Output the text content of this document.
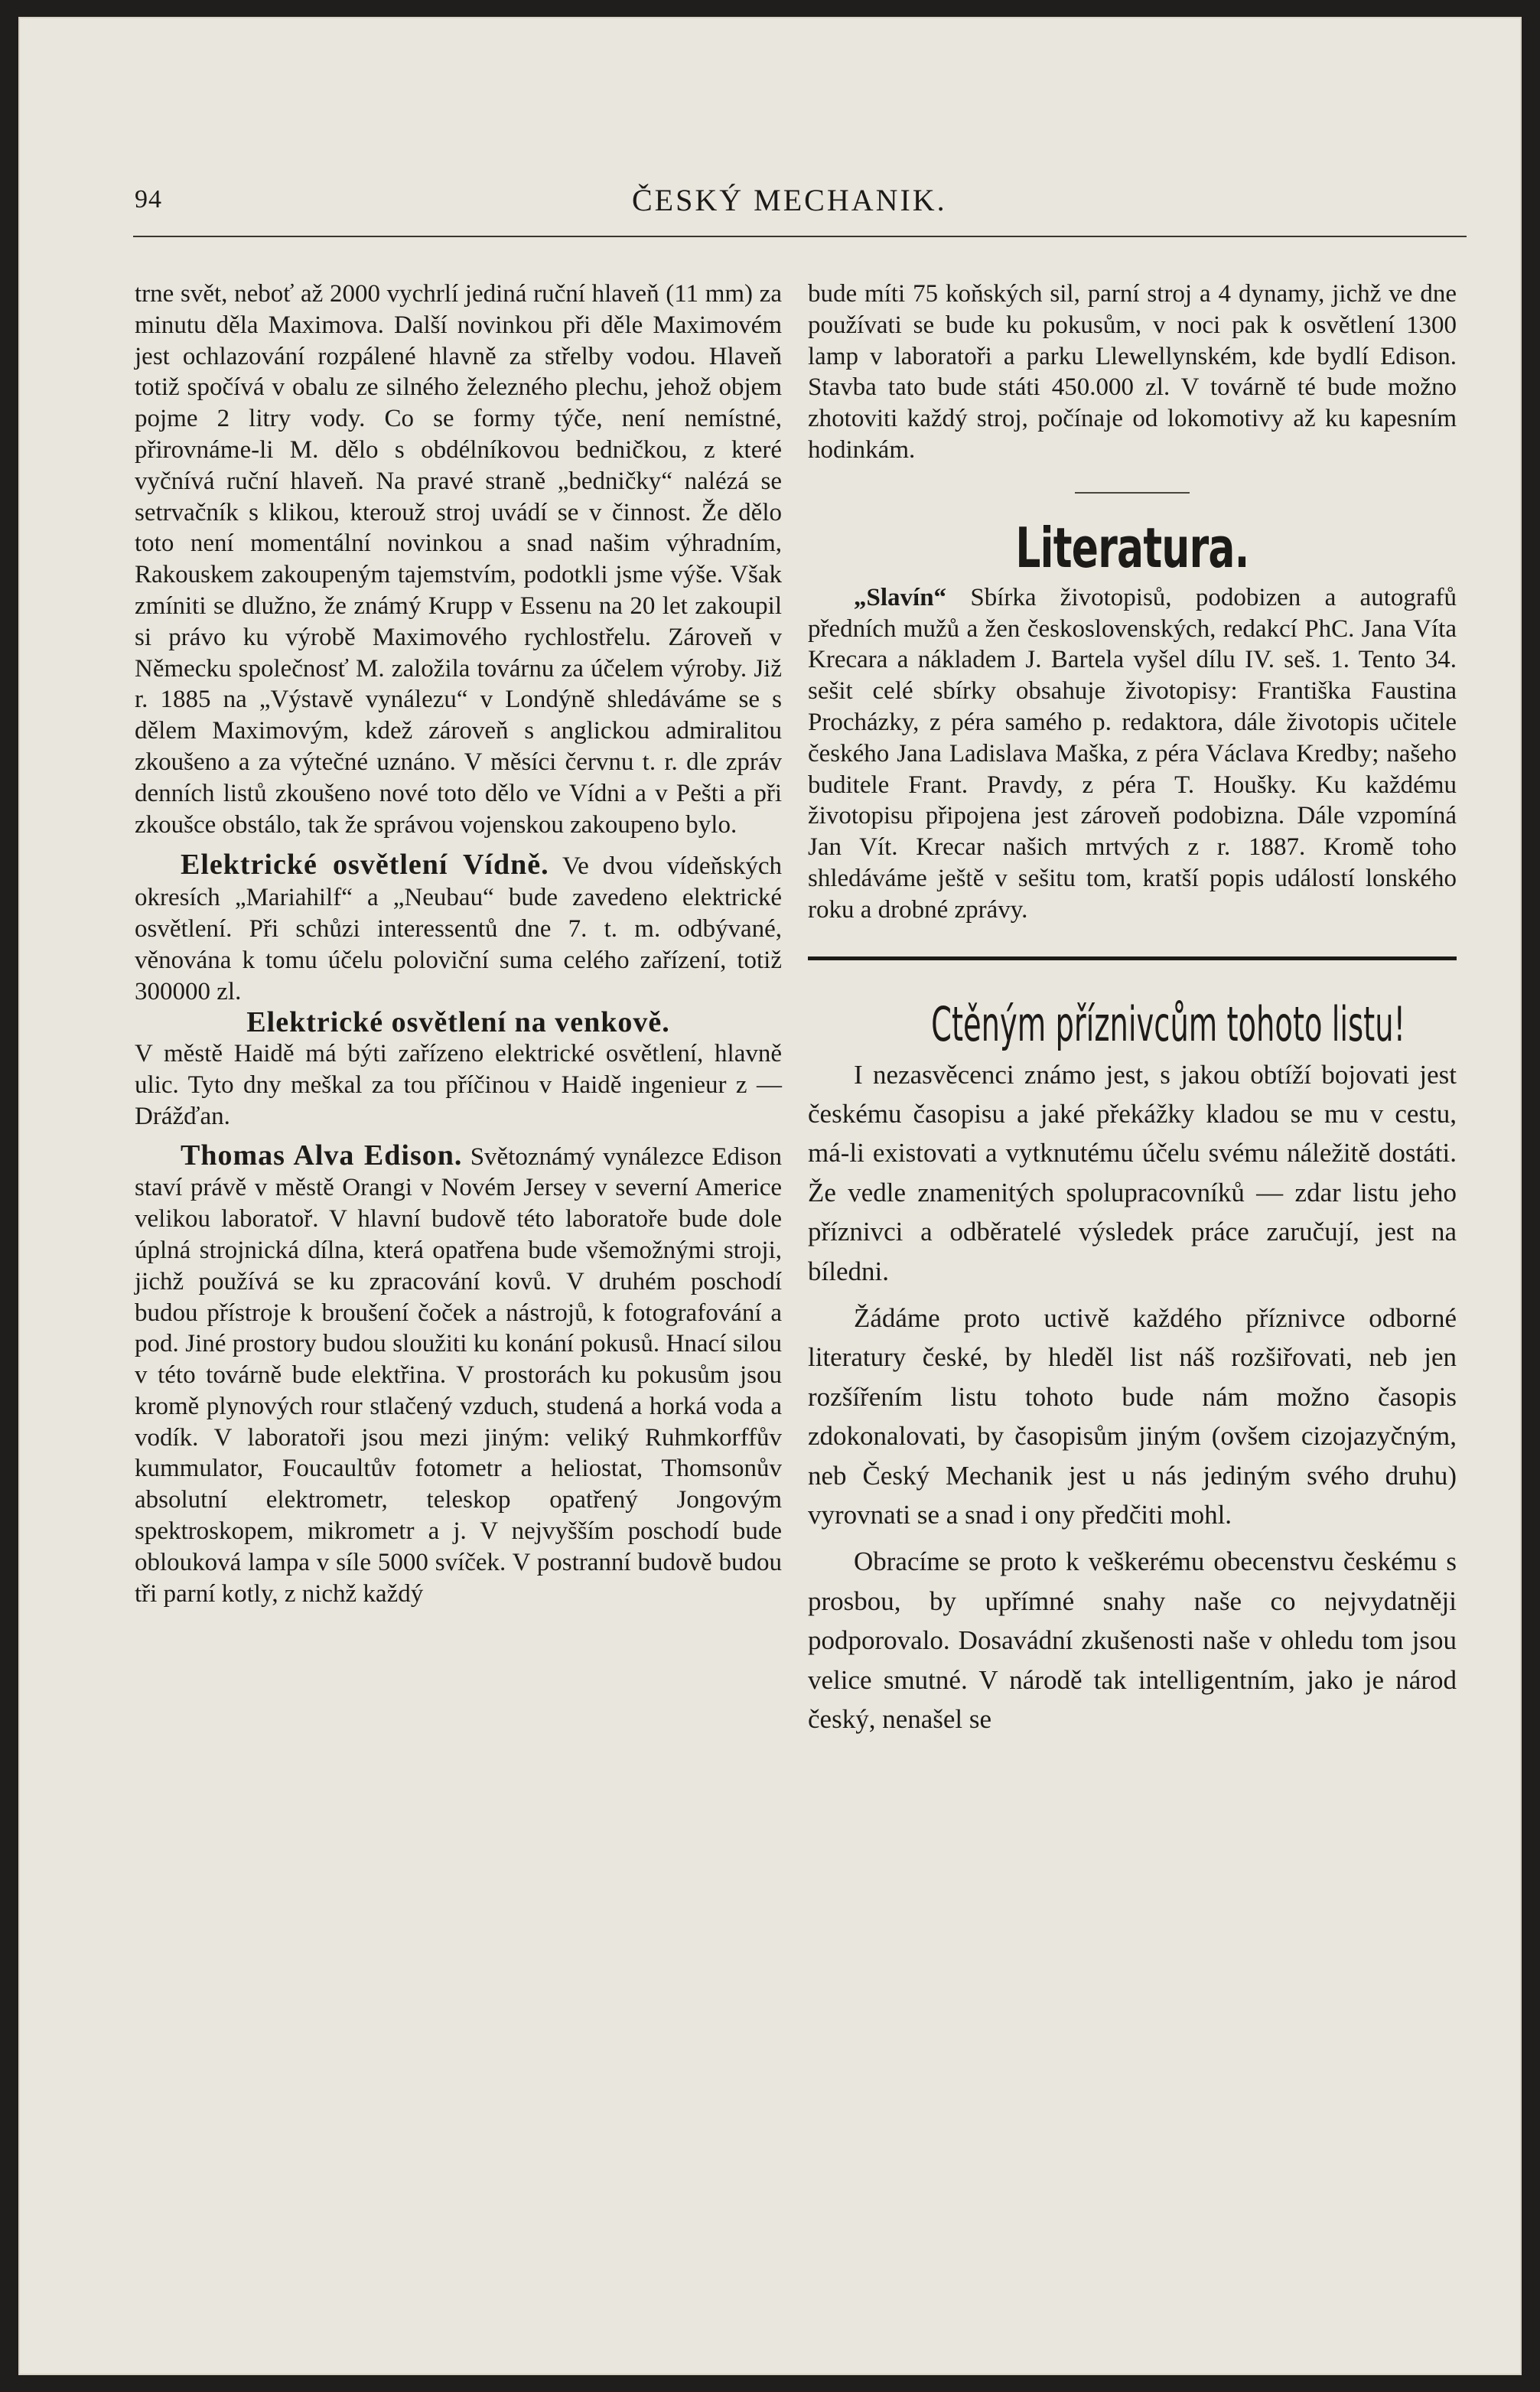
94	ČESKÝ MECHANIK.

trne svět, neboť až 2000 vychrlí jediná ruční hlaveň (11 mm) za minutu děla Maximova. Další novinkou při děle Maximovém jest ochlazování rozpálené hlavně za střelby vodou. Hlaveň totiž spočívá v obalu ze silného železného plechu, jehož objem pojme 2 litry vody. Co se formy týče, není nemístné, přirovnáme-li M. dělo s obdélníkovou bedničkou, z které vyčnívá ruční hlaveň. Na pravé straně „bedničky“ nalézá se setrvačník s klikou, kterouž stroj uvádí se v činnost. Že dělo toto není momentální novinkou a snad našim výhradním, Rakouskem zakoupeným tajemstvím, podotkli jsme výše. Však zmíniti se dlužno, že známý Krupp v Essenu na 20 let zakoupil si právo ku výrobě Maximového rychlostřelu. Zároveň v Německu společnosť M. založila továrnu za účelem výroby. Již r. 1885 na „Výstavě vynálezu“ v Londýně shledáváme se s dělem Maximovým, kdež zároveň s anglickou admiralitou zkoušeno a za výtečné uznáno. V měsíci červnu t. r. dle zpráv denních listů zkoušeno nové toto dělo ve Vídni a v Pešti a při zkoušce obstálo, tak že správou vojenskou zakoupeno bylo.

Elektrické osvětlení Vídně. Ve dvou vídeňských okresích „Mariahilf“ a „Neubau“ bude zavedeno elektrické osvětlení. Při schůzi interessentů dne 7. t. m. odbývané, věnována k tomu účelu poloviční suma celého zařízení, totiž 300000 zl.

Elektrické osvětlení na venkově.

V městě Haidě má býti zařízeno elektrické osvětlení, hlavně ulic. Tyto dny meškal za tou příčinou v Haidě ingenieur z — Drážďan.

Thomas Alva Edison. Světoznámý vynálezce Edison staví právě v městě Orangi v Novém Jersey v severní Americe velikou laboratoř. V hlavní budově této laboratoře bude dole úplná strojnická dílna, která opatřena bude všemožnými stroji, jichž používá se ku zpracování kovů. V druhém poschodí budou přístroje k broušení čoček a nástrojů, k fotografování a pod. Jiné prostory budou sloužiti ku konání pokusů. Hnací silou v této továrně bude elektřina. V prostorách ku pokusům jsou kromě plynových rour stlačený vzduch, studená a horká voda a vodík. V laboratoři jsou mezi jiným: veliký Ruhmkorffův kummulator, Foucaultův fotometr a heliostat, Thomsonův absolutní elektrometr, teleskop opatřený Jongovým spektroskopem, mikrometr a j. V nejvyšším poschodí bude oblouková lampa v síle 5000 svíček. V postranní budově budou tři parní kotly, z nichž každý

bude míti 75 koňských sil, parní stroj a 4 dynamy, jichž ve dne používati se bude ku pokusům, v noci pak k osvětlení 1300 lamp v laboratoři a parku Llewellynském, kde bydlí Edison. Stavba tato bude státi 450.000 zl. V továrně té bude možno zhotoviti každý stroj, počínaje od lokomotivy až ku kapesním hodinkám.

Literatura.

„Slavín“ Sbírka životopisů, podobizen a autografů předních mužů a žen československých, redakcí PhC. Jana Víta Krecara a nákladem J. Bartela vyšel dílu IV. seš. 1. Tento 34. sešit celé sbírky obsahuje životopisy: Františka Faustina Procházky, z péra samého p. redaktora, dále životopis učitele českého Jana Ladislava Maška, z péra Václava Kredby; našeho buditele Frant. Pravdy, z péra T. Houšky. Ku každému životopisu připojena jest zároveň podobizna. Dále vzpomíná Jan Vít. Krecar našich mrtvých z r. 1887. Kromě toho shledáváme ještě v sešitu tom, kratší popis událostí lonského roku a drobné zprávy.

Ctěným příznivcům tohoto listu!

I nezasvěcenci známo jest, s jakou obtíží bojovati jest českému časopisu a jaké překážky kladou se mu v cestu, má-li existovati a vytknutému účelu svému náležitě dostáti. Že vedle znamenitých spolupracovníků — zdar listu jeho příznivci a odběratelé výsledek práce zaručují, jest na bíledni.

Žádáme proto uctivě každého příznivce odborné literatury české, by hleděl list náš rozšiřovati, neb jen rozšířením listu tohoto bude nám možno časopis zdokonalovati, by časopisům jiným (ovšem cizojazyčným, neb Český Mechanik jest u nás jediným svého druhu) vyrovnati se a snad i ony předčiti mohl.

Obracíme se proto k veškerému obecenstvu českému s prosbou, by upřímné snahy naše co nejvydatněji podporovalo. Dosavádní zkušenosti naše v ohledu tom jsou velice smutné. V národě tak intelligentním, jako je národ český, nenašel se
